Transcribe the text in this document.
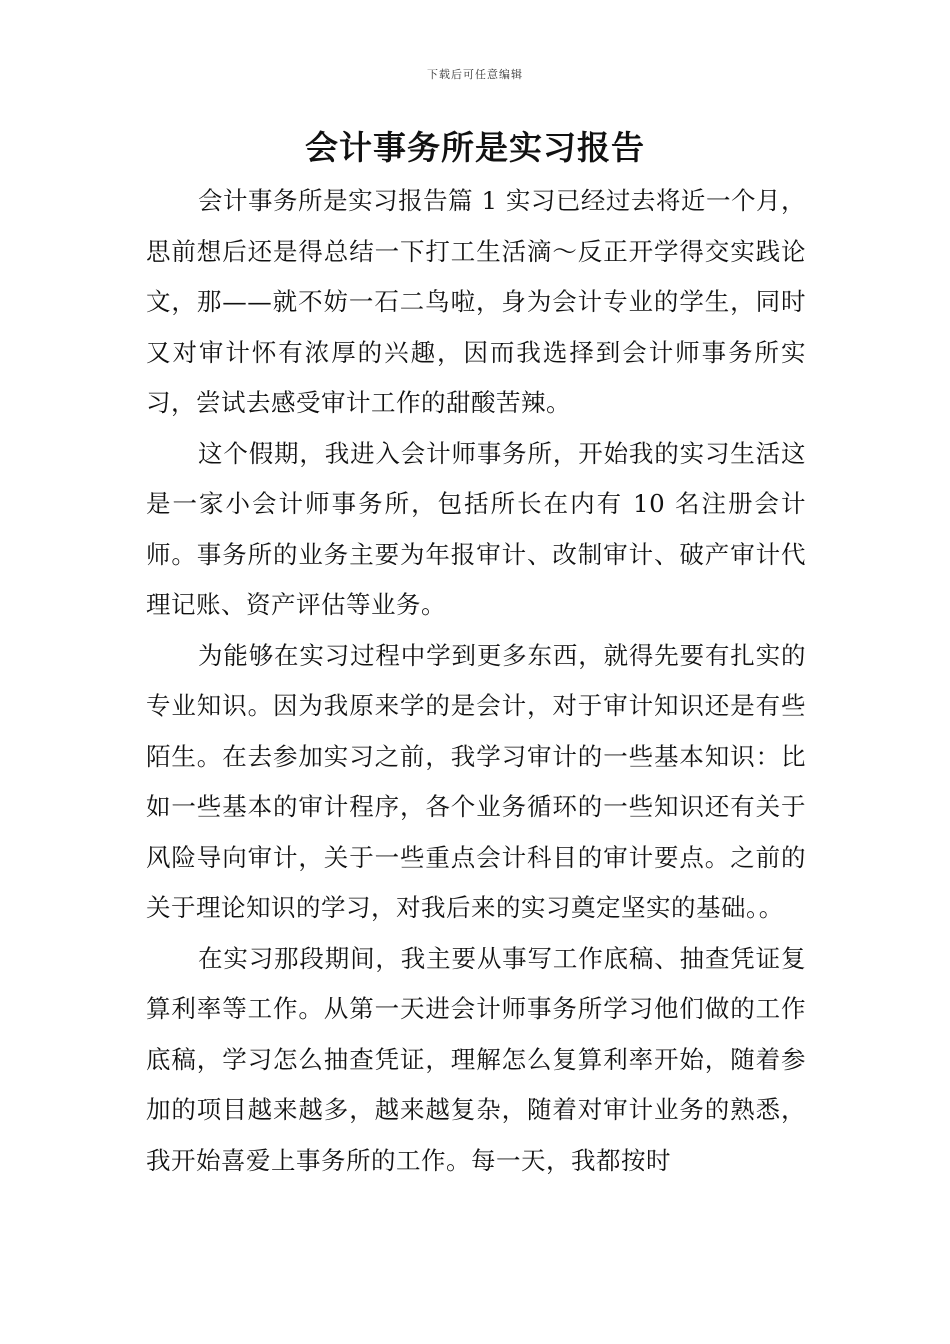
下载后可任意编辑
会计事务所是实习报告

会计事务所是实习报告篇 1 实习已经过去将近一个月，思前想后还是得总结一下打工生活滴～反正开学得交实践论文，那——就不妨一石二鸟啦，身为会计专业的学生，同时又对审计怀有浓厚的兴趣，因而我选择到会计师事务所实习，尝试去感受审计工作的甜酸苦辣。

这个假期，我进入会计师事务所，开始我的实习生活这是一家小会计师事务所，包括所长在内有 10 名注册会计师。事务所的业务主要为年报审计、改制审计、破产审计代理记账、资产评估等业务。

为能够在实习过程中学到更多东西，就得先要有扎实的专业知识。因为我原来学的是会计，对于审计知识还是有些陌生。在去参加实习之前，我学习审计的一些基本知识：比如一些基本的审计程序，各个业务循环的一些知识还有关于风险导向审计，关于一些重点会计科目的审计要点。之前的关于理论知识的学习，对我后来的实习奠定坚实的基础。。

在实习那段期间，我主要从事写工作底稿、抽查凭证复算利率等工作。从第一天进会计师事务所学习他们做的工作底稿，学习怎么抽查凭证，理解怎么复算利率开始，随着参加的项目越来越多，越来越复杂，随着对审计业务的熟悉，我开始喜爱上事务所的工作。每一天，我都按时
